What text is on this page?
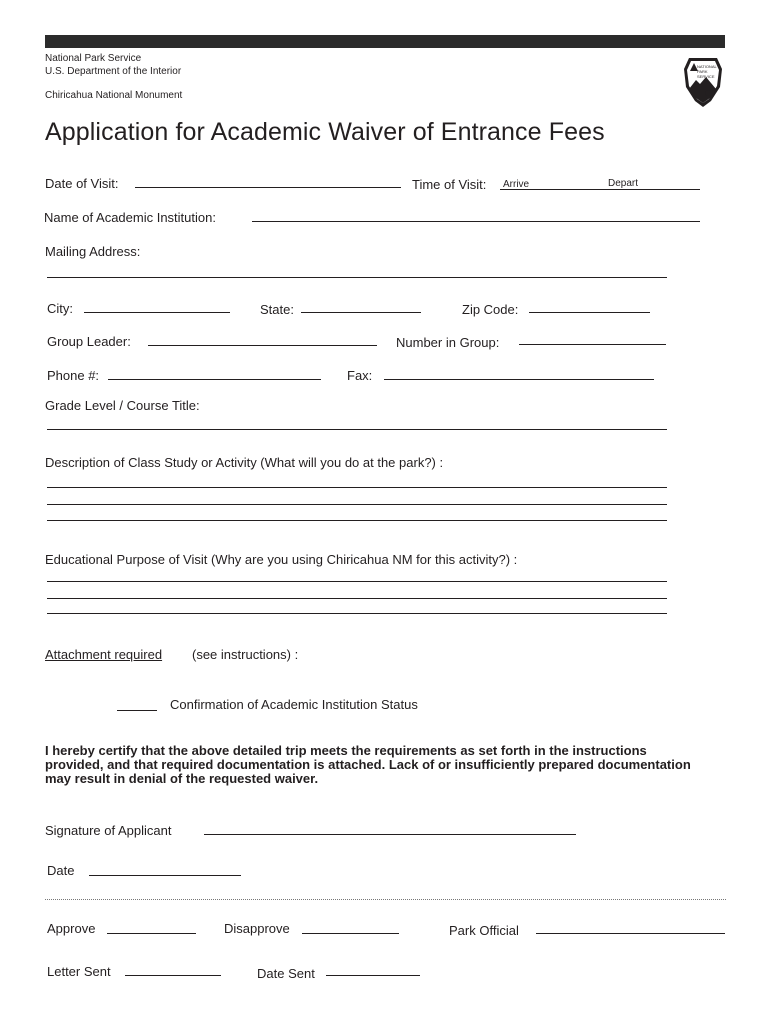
National Park Service
U.S. Department of the Interior
Chiricahua National Monument
NATIONAL
PARK
SERVICE
Application for Academic Waiver of Entrance Fees
Date of Visit:	Time of Visit: Arrive	Depart
Name of Academic Institution:
Mailing Address:
City:	State:	Zip Code:
Group Leader:	Number in Group:
Phone #:	Fax:
Grade Level / Course Title:
Description of Class Study or Activity (What will you do at the park?) :
Educational Purpose of Visit (Why are you using Chiricahua NM for this activity?) :
Attachment required (see instructions) :
Confirmation of Academic Institution Status
I hereby certify that the above detailed trip meets the requirements as set forth in the instructions provided, and that required documentation is attached. Lack of or insufficiently prepared documentation may result in denial of the requested waiver.
Signature of Applicant
Date
Approve	Disapprove	Park Official
Letter Sent	Date Sent
